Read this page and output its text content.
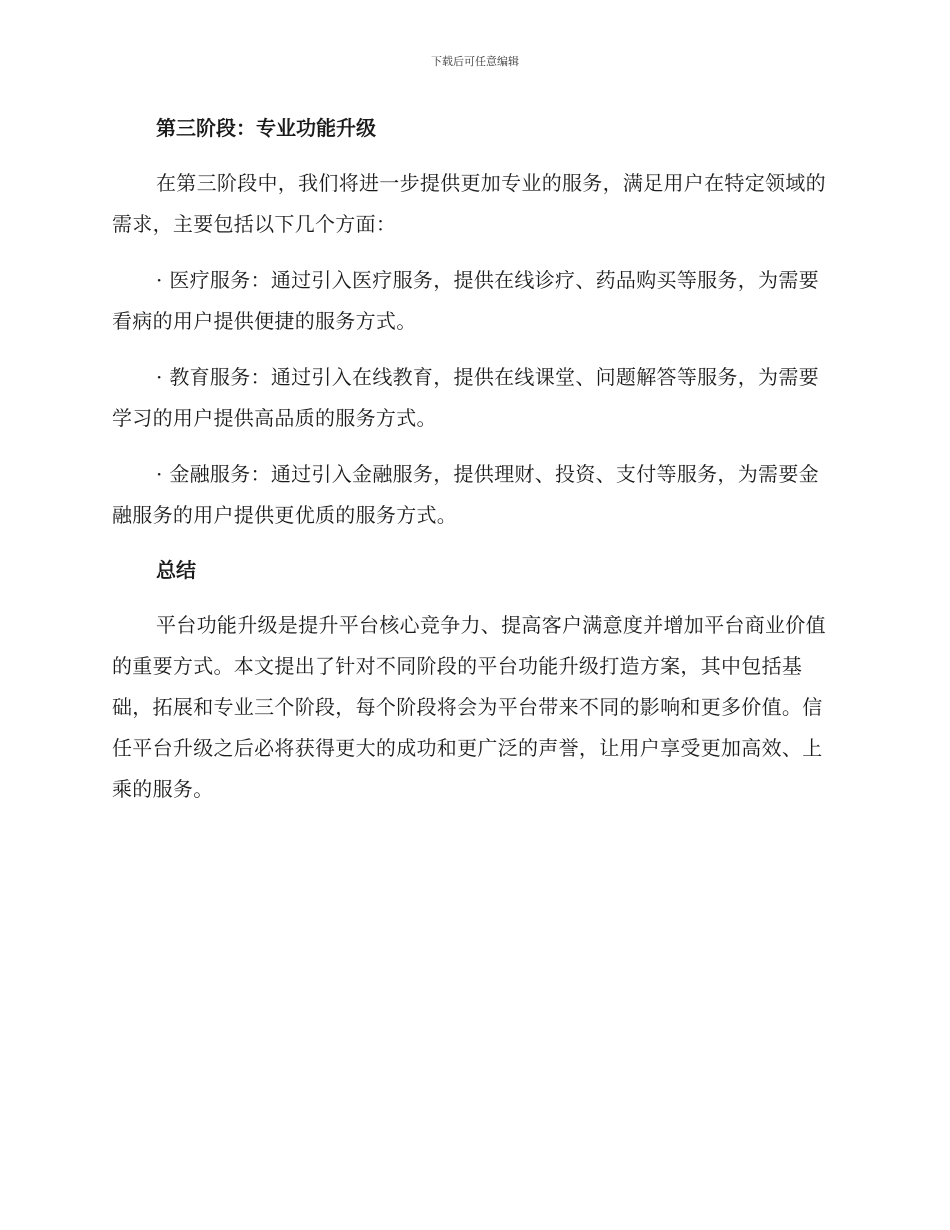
下载后可任意编辑
第三阶段：专业功能升级

在第三阶段中，我们将进一步提供更加专业的服务，满足用户在特定领域的需求，主要包括以下几个方面：

· 医疗服务：通过引入医疗服务，提供在线诊疗、药品购买等服务，为需要看病的用户提供便捷的服务方式。

· 教育服务：通过引入在线教育，提供在线课堂、问题解答等服务，为需要学习的用户提供高品质的服务方式。

· 金融服务：通过引入金融服务，提供理财、投资、支付等服务，为需要金融服务的用户提供更优质的服务方式。

总结

平台功能升级是提升平台核心竞争力、提高客户满意度并增加平台商业价值的重要方式。本文提出了针对不同阶段的平台功能升级打造方案，其中包括基础，拓展和专业三个阶段，每个阶段将会为平台带来不同的影响和更多价值。信任平台升级之后必将获得更大的成功和更广泛的声誉，让用户享受更加高效、上乘的服务。
